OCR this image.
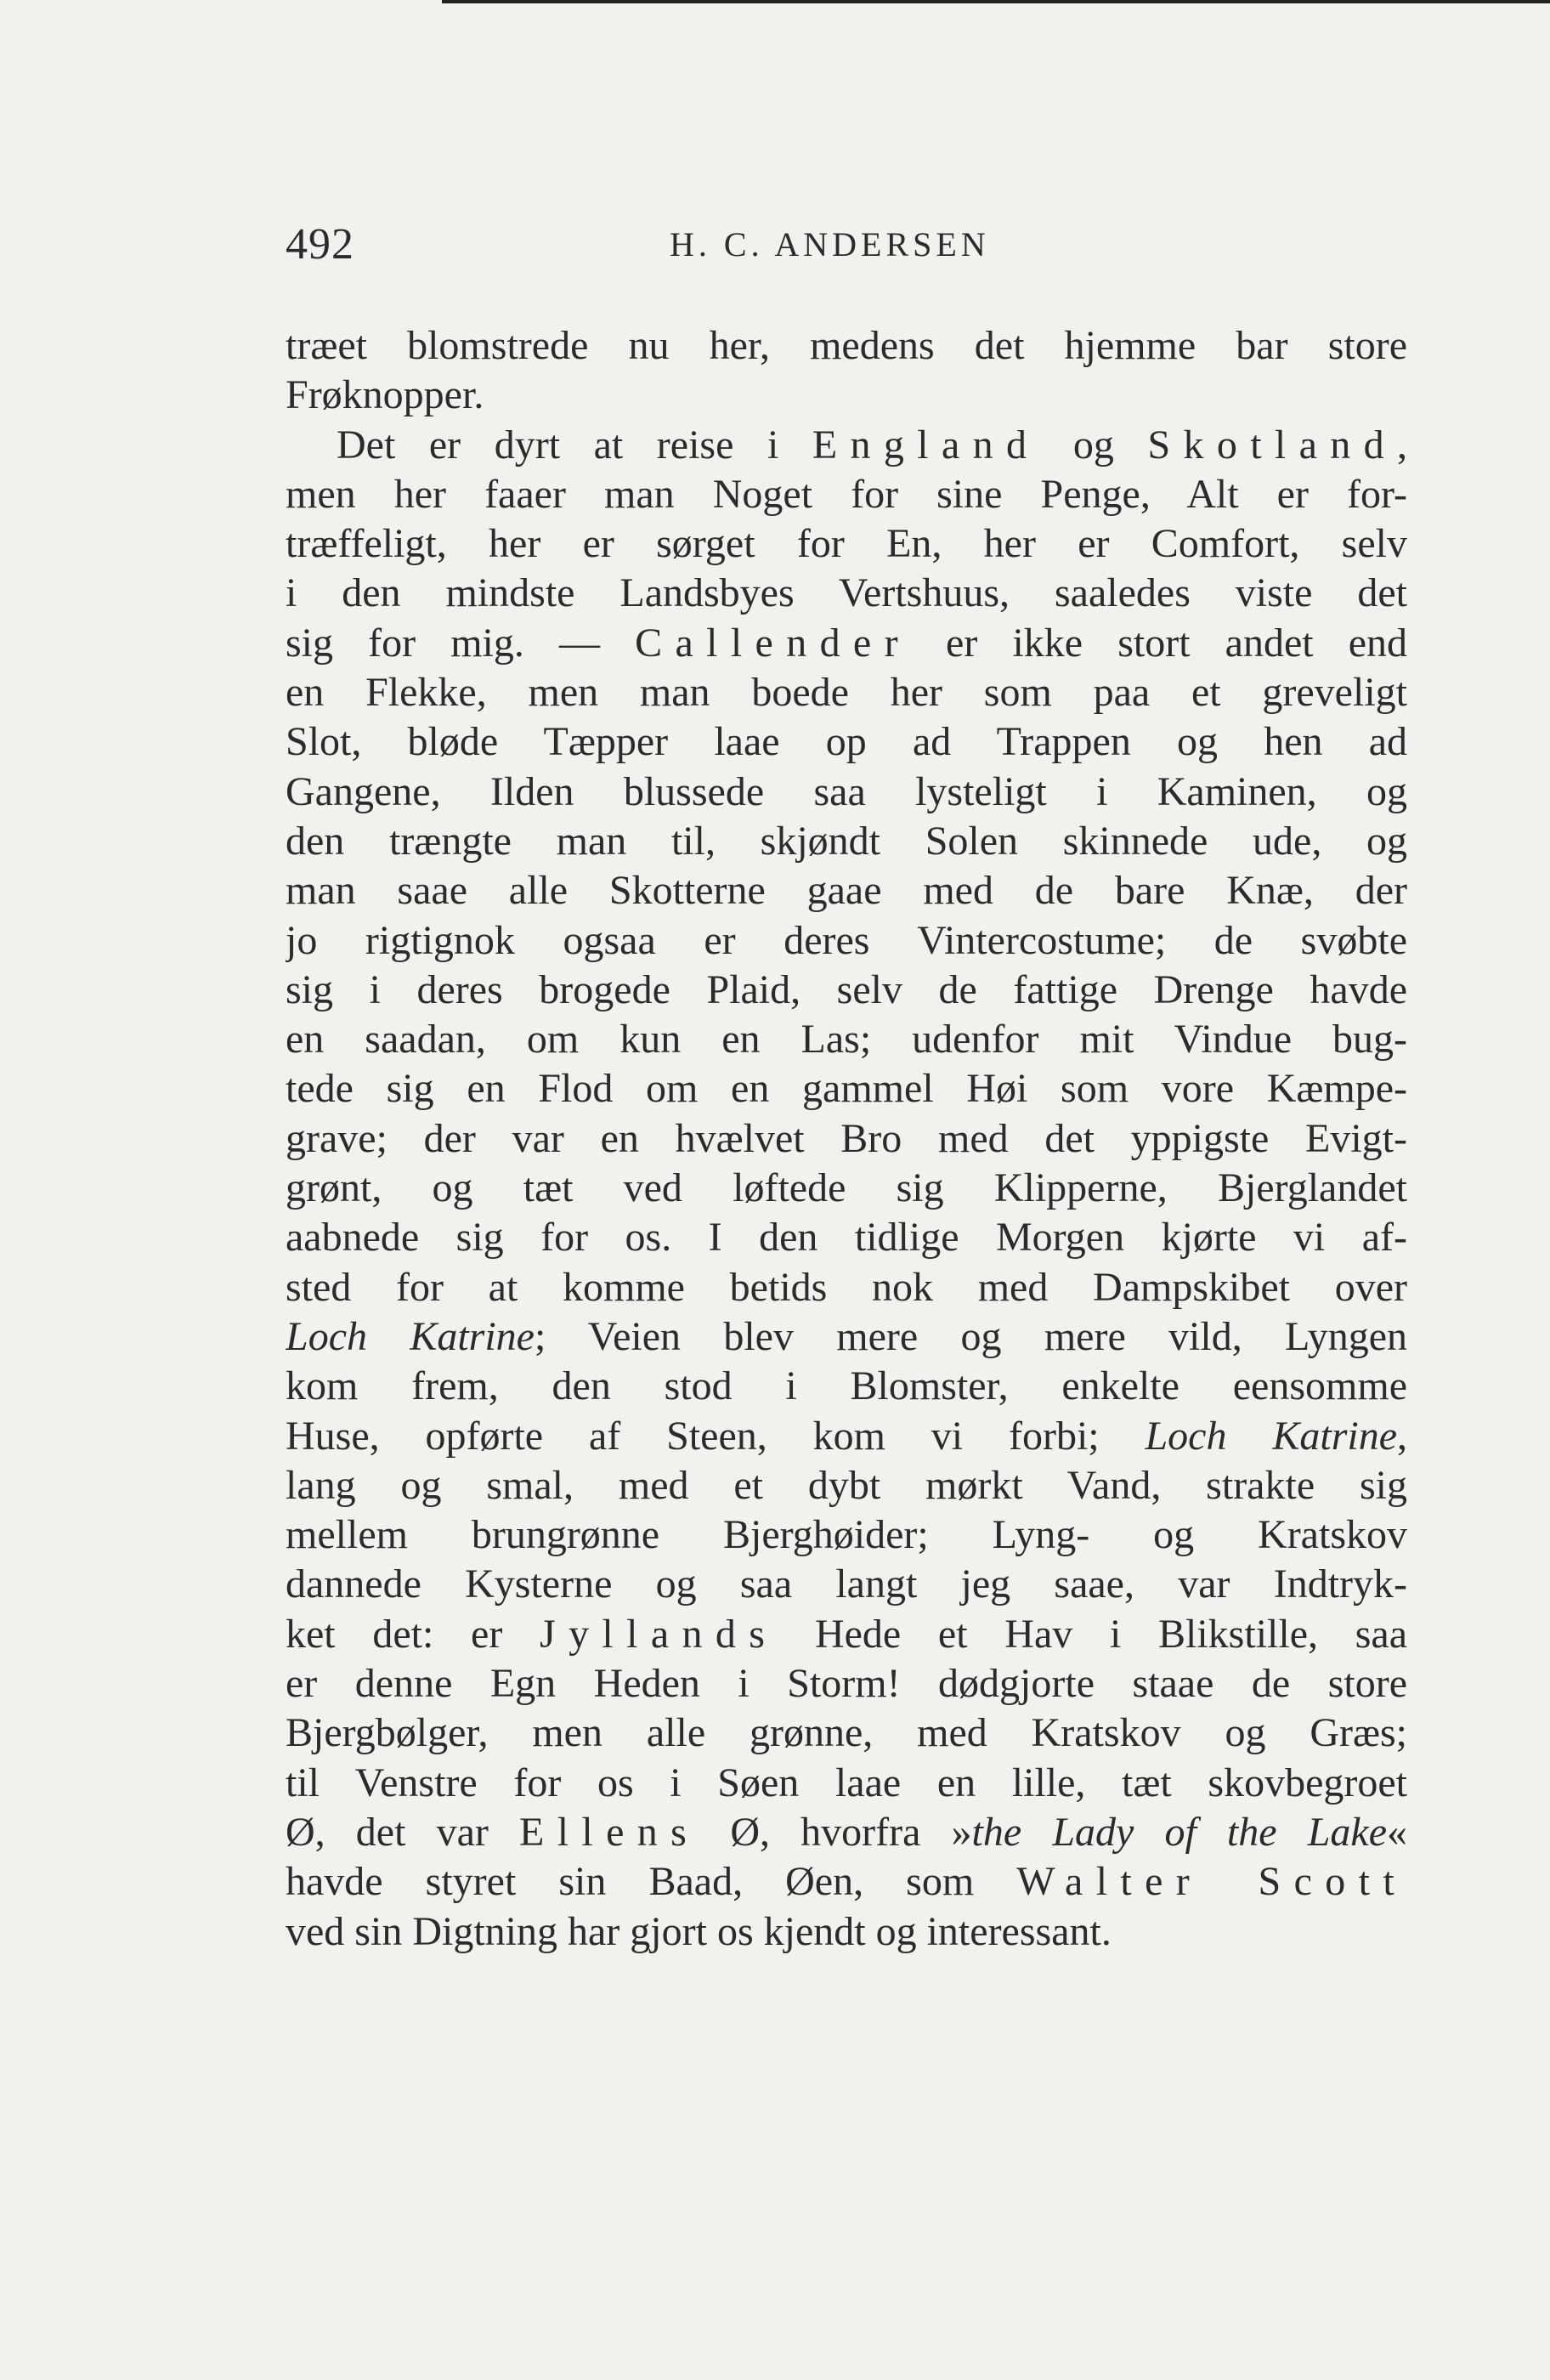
492	H. C. ANDERSEN
træet blomstrede nu her, medens det hjemme bar store
Frøknopper.
Det er dyrt at reise i England og Skotland,
men her faaer man Noget for sine Penge, Alt er for-
træffeligt, her er sørget for En, her er Comfort, selv
i den mindste Landsbyes Vertshuus, saaledes viste det
sig for mig. — Callender er ikke stort andet end
en Flekke, men man boede her som paa et greveligt
Slot, bløde Tæpper laae op ad Trappen og hen ad
Gangene, Ilden blussede saa lysteligt i Kaminen, og
den trængte man til, skjøndt Solen skinnede ude, og
man saae alle Skotterne gaae med de bare Knæ, der
jo rigtignok ogsaa er deres Vintercostume; de svøbte
sig i deres brogede Plaid, selv de fattige Drenge havde
en saadan, om kun en Las; udenfor mit Vindue bug-
tede sig en Flod om en gammel Høi som vore Kæmpe-
grave; der var en hvælvet Bro med det yppigste Evigt-
grønt, og tæt ved løftede sig Klipperne, Bjerglandet
aabnede sig for os. I den tidlige Morgen kjørte vi af-
sted for at komme betids nok med Dampskibet over
Loch Katrine; Veien blev mere og mere vild, Lyngen
kom frem, den stod i Blomster, enkelte eensomme
Huse, opførte af Steen, kom vi forbi; Loch Katrine,
lang og smal, med et dybt mørkt Vand, strakte sig
mellem brungrønne Bjerghøider; Lyng- og Kratskov
dannede Kysterne og saa langt jeg saae, var Indtryk-
ket det: er Jyllands Hede et Hav i Blikstille, saa
er denne Egn Heden i Storm! dødgjorte staae de store
Bjergbølger, men alle grønne, med Kratskov og Græs;
til Venstre for os i Søen laae en lille, tæt skovbegroet
Ø, det var Ellens Ø, hvorfra »the Lady of the Lake«
havde styret sin Baad, Øen, som Walter Scott
ved sin Digtning har gjort os kjendt og interessant.
